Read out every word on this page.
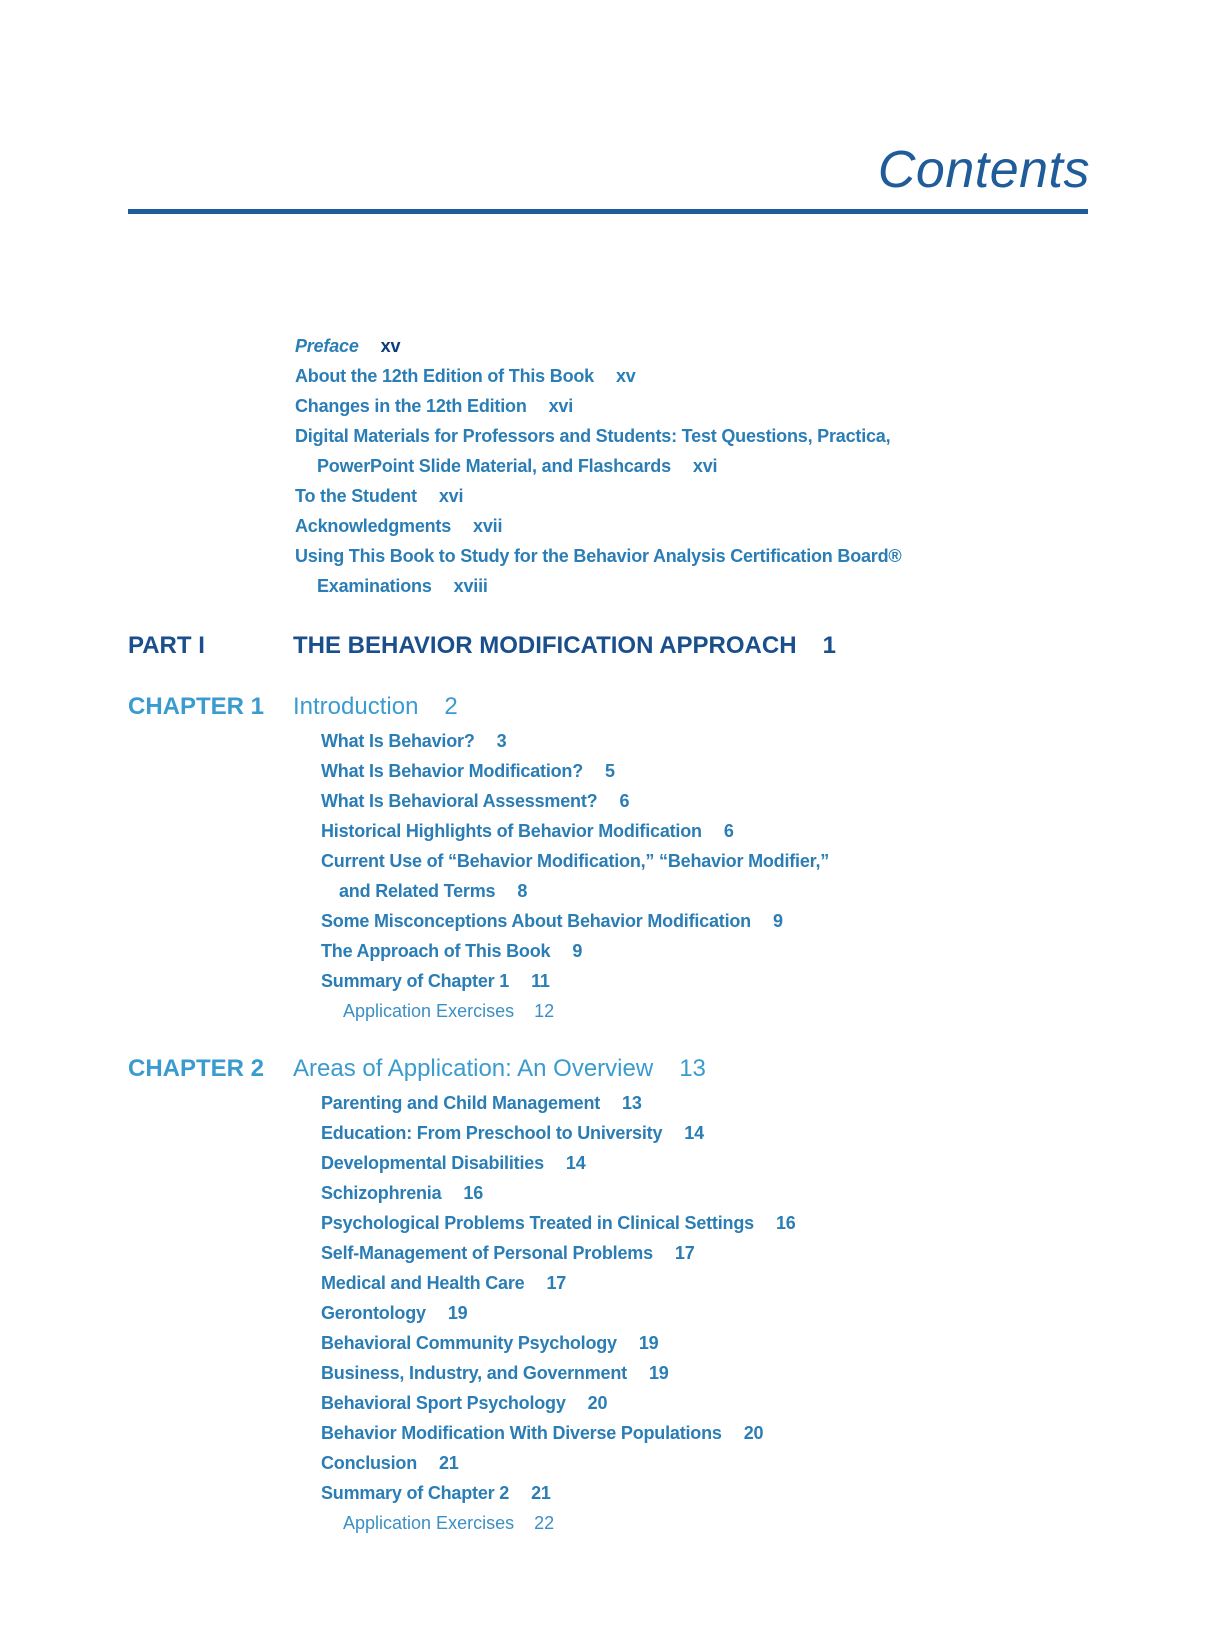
Contents
Preface xv
About the 12th Edition of This Book xv
Changes in the 12th Edition xvi
Digital Materials for Professors and Students: Test Questions, Practica,
PowerPoint Slide Material, and Flashcards xvi
To the Student xvi
Acknowledgments xvii
Using This Book to Study for the Behavior Analysis Certification Board®
Examinations xviii
PART I	THE BEHAVIOR MODIFICATION APPROACH 1
CHAPTER 1 Introduction 2
What Is Behavior? 3
What Is Behavior Modification? 5
What Is Behavioral Assessment? 6
Historical Highlights of Behavior Modification 6
Current Use of “Behavior Modification,” “Behavior Modifier,”
and Related Terms 8
Some Misconceptions About Behavior Modification 9
The Approach of This Book 9
Summary of Chapter 1 11
Application Exercises 12
CHAPTER 2 Areas of Application: An Overview 13
Parenting and Child Management 13
Education: From Preschool to University 14
Developmental Disabilities 14
Schizophrenia 16
Psychological Problems Treated in Clinical Settings 16
Self-Management of Personal Problems 17
Medical and Health Care 17
Gerontology 19
Behavioral Community Psychology 19
Business, Industry, and Government 19
Behavioral Sport Psychology 20
Behavior Modification With Diverse Populations 20
Conclusion 21
Summary of Chapter 2 21
Application Exercises 22
